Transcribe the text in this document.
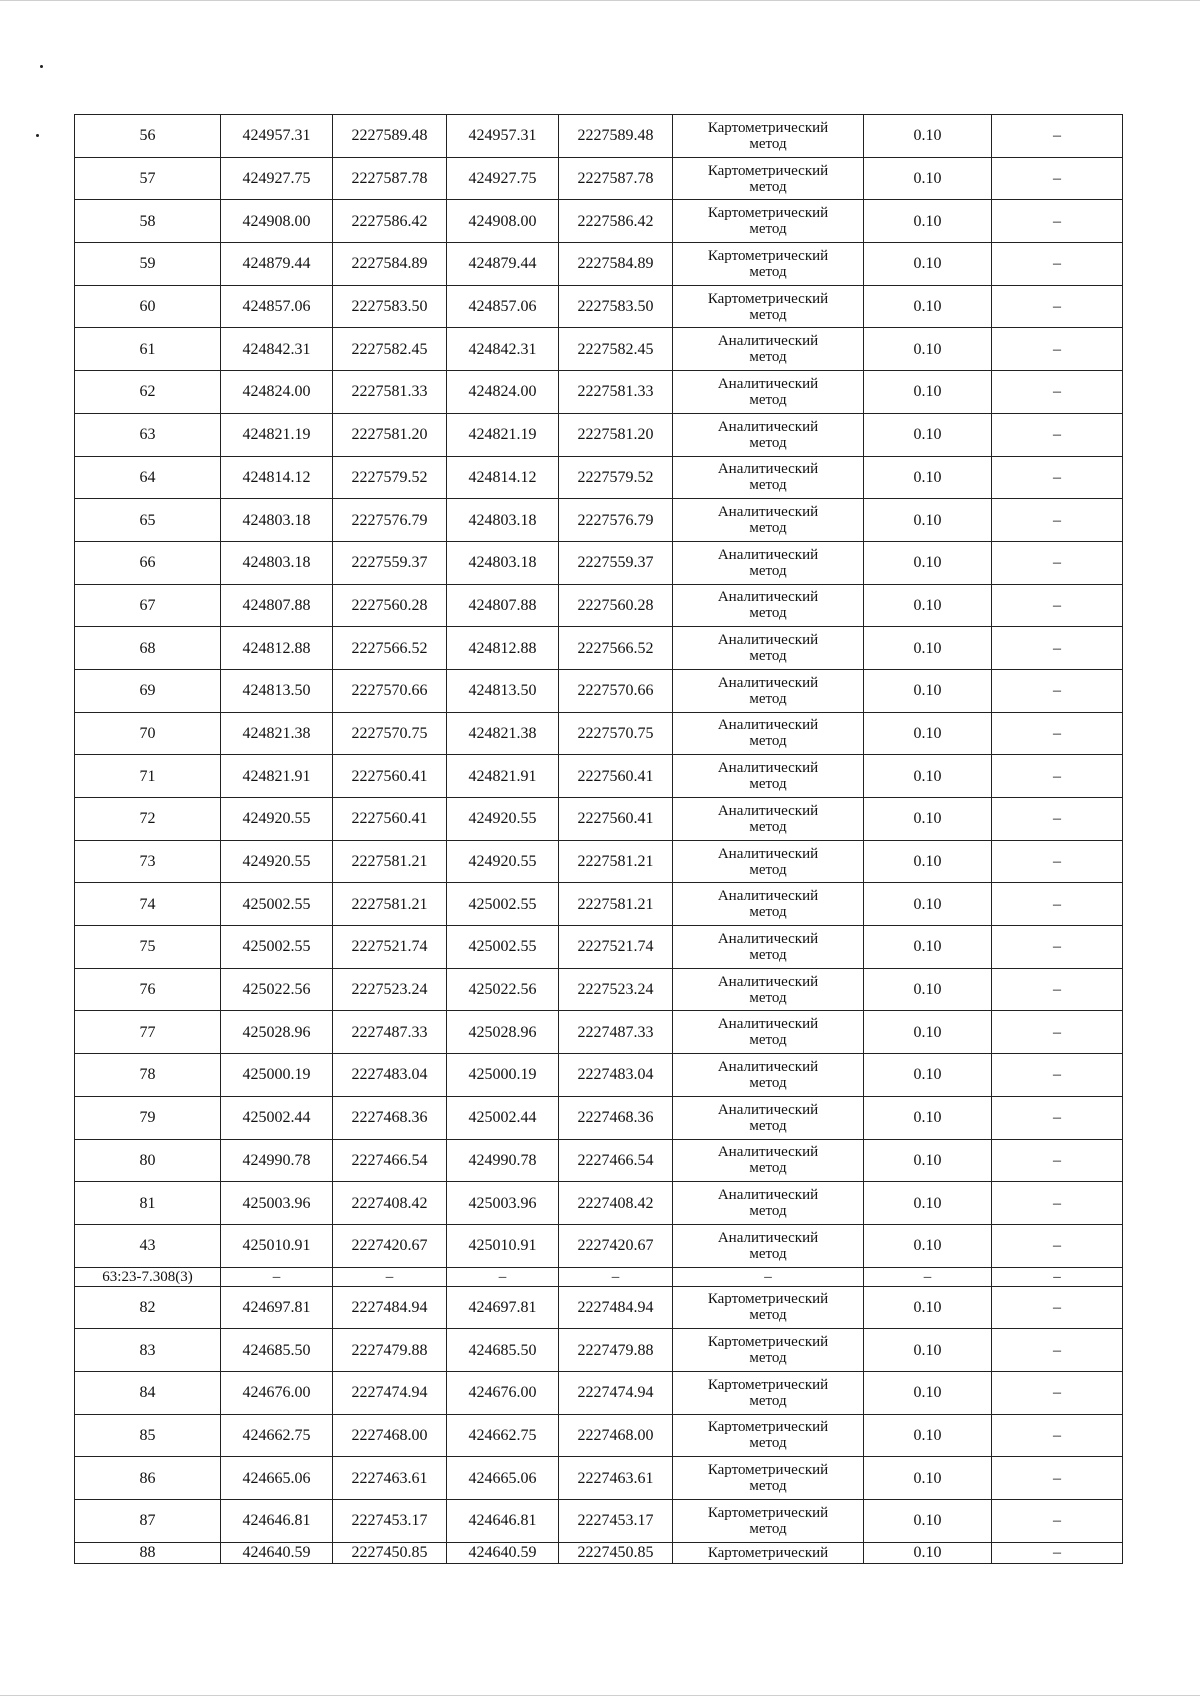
56	424957.31	2227589.48	424957.31	2227589.48	Картометрический
метод	0.10	–
57	424927.75	2227587.78	424927.75	2227587.78	Картометрический
метод	0.10	–
58	424908.00	2227586.42	424908.00	2227586.42	Картометрический
метод	0.10	–
59	424879.44	2227584.89	424879.44	2227584.89	Картометрический
метод	0.10	–
60	424857.06	2227583.50	424857.06	2227583.50	Картометрический
метод	0.10	–
61	424842.31	2227582.45	424842.31	2227582.45	Аналитический
метод	0.10	–
62	424824.00	2227581.33	424824.00	2227581.33	Аналитический
метод	0.10	–
63	424821.19	2227581.20	424821.19	2227581.20	Аналитический
метод	0.10	–
64	424814.12	2227579.52	424814.12	2227579.52	Аналитический
метод	0.10	–
65	424803.18	2227576.79	424803.18	2227576.79	Аналитический
метод	0.10	–
66	424803.18	2227559.37	424803.18	2227559.37	Аналитический
метод	0.10	–
67	424807.88	2227560.28	424807.88	2227560.28	Аналитический
метод	0.10	–
68	424812.88	2227566.52	424812.88	2227566.52	Аналитический
метод	0.10	–
69	424813.50	2227570.66	424813.50	2227570.66	Аналитический
метод	0.10	–
70	424821.38	2227570.75	424821.38	2227570.75	Аналитический
метод	0.10	–
71	424821.91	2227560.41	424821.91	2227560.41	Аналитический
метод	0.10	–
72	424920.55	2227560.41	424920.55	2227560.41	Аналитический
метод	0.10	–
73	424920.55	2227581.21	424920.55	2227581.21	Аналитический
метод	0.10	–
74	425002.55	2227581.21	425002.55	2227581.21	Аналитический
метод	0.10	–
75	425002.55	2227521.74	425002.55	2227521.74	Аналитический
метод	0.10	–
76	425022.56	2227523.24	425022.56	2227523.24	Аналитический
метод	0.10	–
77	425028.96	2227487.33	425028.96	2227487.33	Аналитический
метод	0.10	–
78	425000.19	2227483.04	425000.19	2227483.04	Аналитический
метод	0.10	–
79	425002.44	2227468.36	425002.44	2227468.36	Аналитический
метод	0.10	–
80	424990.78	2227466.54	424990.78	2227466.54	Аналитический
метод	0.10	–
81	425003.96	2227408.42	425003.96	2227408.42	Аналитический
метод	0.10	–
43	425010.91	2227420.67	425010.91	2227420.67	Аналитический
метод	0.10	–
63:23-7.308(3)	–	–	–	–	–	–	–
82	424697.81	2227484.94	424697.81	2227484.94	Картометрический
метод	0.10	–
83	424685.50	2227479.88	424685.50	2227479.88	Картометрический
метод	0.10	–
84	424676.00	2227474.94	424676.00	2227474.94	Картометрический
метод	0.10	–
85	424662.75	2227468.00	424662.75	2227468.00	Картометрический
метод	0.10	–
86	424665.06	2227463.61	424665.06	2227463.61	Картометрический
метод	0.10	–
87	424646.81	2227453.17	424646.81	2227453.17	Картометрический
метод	0.10	–
88	424640.59	2227450.85	424640.59	2227450.85	Картометрический	0.10	–
